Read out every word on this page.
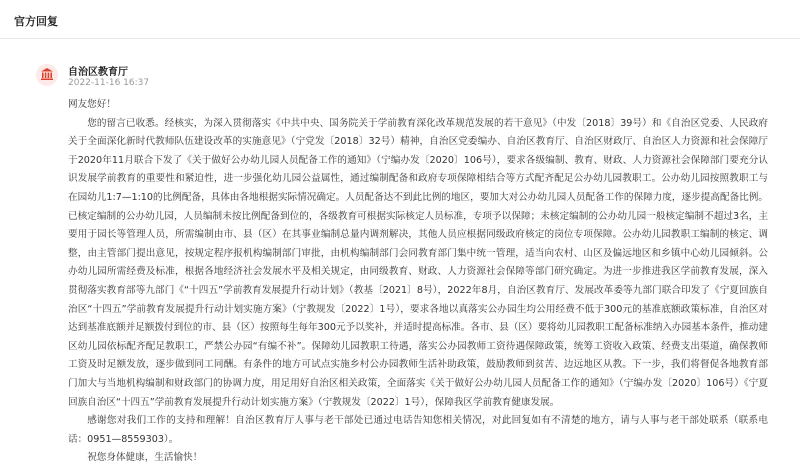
官方回复
自治区教育厅
2022-11-16 16:37

网友您好！

您的留言已收悉。经核实，为深入贯彻落实《中共中央、国务院关于学前教育深化改革规范发展的若干意见》（中发〔2018〕39号）和《自治区党委、人民政府关于全面深化新时代教师队伍建设改革的实施意见》（宁党发〔2018〕32号）精神，自治区党委编办、自治区教育厅、自治区财政厅、自治区人力资源和社会保障厅于2020年11月联合下发了《关于做好公办幼儿园人员配备工作的通知》（宁编办发〔2020〕106号），要求各级编制、教育、财政、人力资源社会保障部门要充分认识发展学前教育的重要性和紧迫性，进一步强化幼儿园公益属性，通过编制配备和政府专项保障相结合等方式配齐配足公办幼儿园教职工。公办幼儿园按照教职工与在园幼儿1:7—1:10的比例配备，具体由各地根据实际情况确定。人员配备达不到此比例的地区，要加大对公办幼儿园人员配备工作的保障力度，逐步提高配备比例。已核定编制的公办幼儿园，人员编制未按比例配备到位的，各级教育可根据实际核定人员标准，专项予以保障；未核定编制的公办幼儿园一般核定编制不超过3名，主要用于园长等管理人员，所需编制由市、县（区）在其事业编制总量内调剂解决，其他人员应根据同级政府核定的岗位专项保障。公办幼儿园教职工编制的核定、调整，由主管部门提出意见，按规定程序报机构编制部门审批，由机构编制部门会同教育部门集中统一管理，适当向农村、山区及偏远地区和乡镇中心幼儿园倾斜。公办幼儿园所需经费及标准，根据各地经济社会发展水平及相关规定，由同级教育、财政、人力资源社会保障等部门研究确定。为进一步推进我区学前教育发展，深入贯彻落实教育部等九部门《“十四五”学前教育发展提升行动计划》（教基〔2021〕8号），2022年8月，自治区教育厅、发展改革委等九部门联合印发了《宁夏回族自治区“十四五”学前教育发展提升行动计划实施方案》（宁教规发〔2022〕1号），要求各地以真落实公办园生均公用经费不低于300元的基准底额政策标准，自治区对达到基准底额并足额拨付到位的市、县（区）按照每生每年300元予以奖补，并适时提高标准。各市、县（区）要将幼儿园教职工配备标准纳入办园基本条件，推动建区幼儿园依标配齐配足教职工，严禁公办园“有编不补”。保障幼儿园教职工待遇，落实公办园教师工资待遇保障政策，统筹工资收入政策、经费支出渠道，确保教师工资及时足额发放，逐步做到同工同酬。有条件的地方可试点实施乡村公办园教师生活补助政策，鼓励教师到贫苦、边远地区从教。下一步，我们将督促各地教育部门加大与当地机构编制和财政部门的协调力度，用足用好自治区相关政策，全面落实《关于做好公办幼儿园人员配备工作的通知》（宁编办发〔2020〕106号）《宁夏回族自治区“十四五”学前教育发展提升行动计划实施方案》（宁教规发〔2022〕1号），保障我区学前教育健康发展。

感谢您对我们工作的支持和理解！自治区教育厅人事与老干部处已通过电话告知您相关情况，对此回复如有不清楚的地方，请与人事与老干部处联系（联系电话：0951—8559303）。

祝您身体健康，生活愉快！
